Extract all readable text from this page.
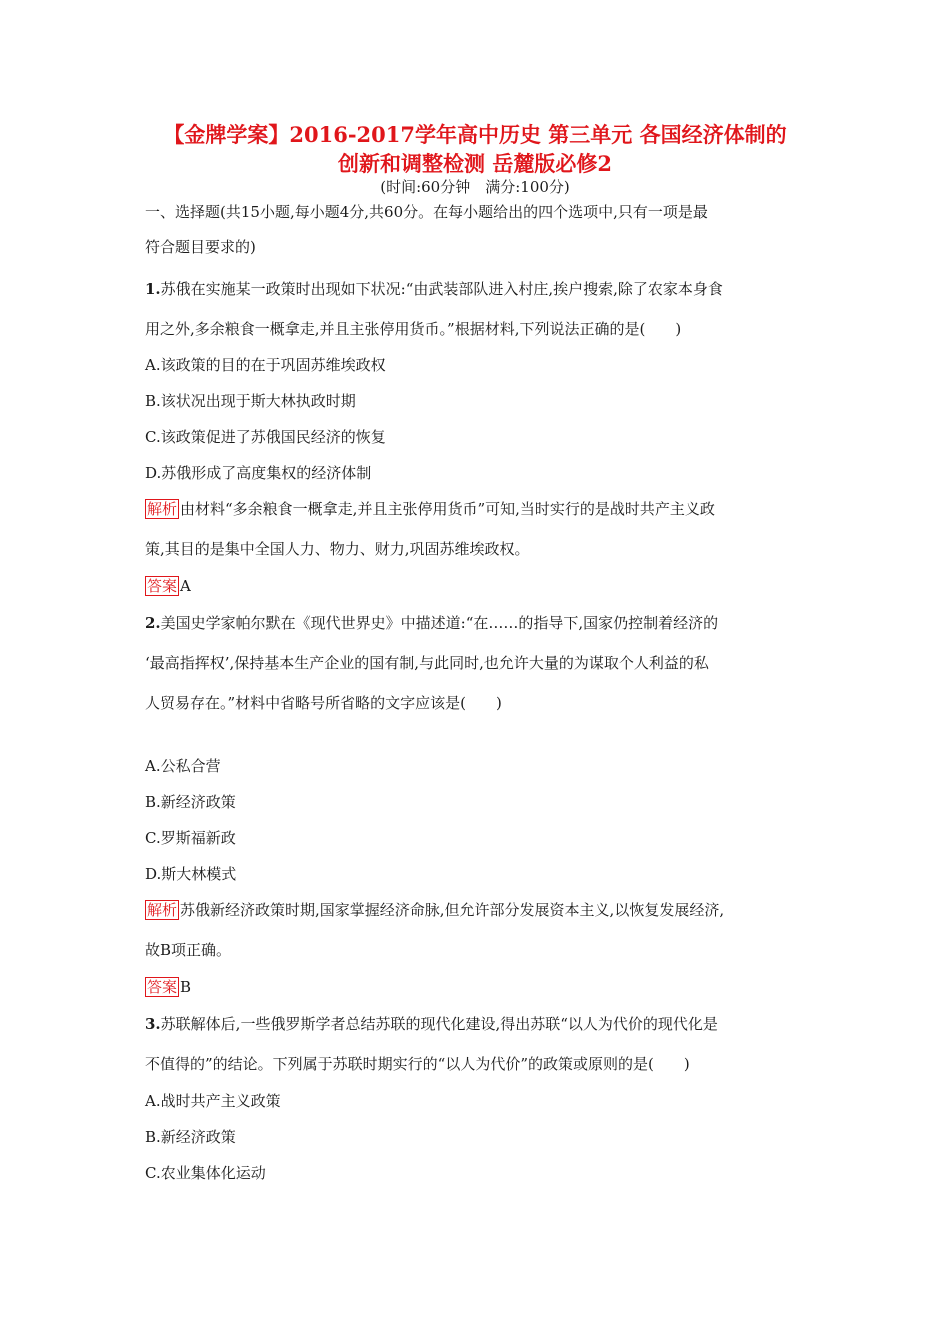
【金牌学案】2016-2017学年高中历史 第三单元 各国经济体制的
创新和调整检测 岳麓版必修2
(时间:60分钟　满分:100分)
一、选择题(共15小题,每小题4分,共60分。在每小题给出的四个选项中,只有一项是最
符合题目要求的)
1.苏俄在实施某一政策时出现如下状况:“由武装部队进入村庄,挨户搜索,除了农家本身食
用之外,多余粮食一概拿走,并且主张停用货币。”根据材料,下列说法正确的是(　　)
A.该政策的目的在于巩固苏维埃政权
B.该状况出现于斯大林执政时期
C.该政策促进了苏俄国民经济的恢复
D.苏俄形成了高度集权的经济体制
解析 由材料“多余粮食一概拿走,并且主张停用货币”可知,当时实行的是战时共产主义政
策,其目的是集中全国人力、物力、财力,巩固苏维埃政权。
答案 A
2.美国史学家帕尔默在《现代世界史》中描述道:“在……的指导下,国家仍控制着经济的
‘最高指挥权’,保持基本生产企业的国有制,与此同时,也允许大量的为谋取个人利益的私
人贸易存在。”材料中省略号所省略的文字应该是(　　)
A.公私合营
B.新经济政策
C.罗斯福新政
D.斯大林模式
解析 苏俄新经济政策时期,国家掌握经济命脉,但允许部分发展资本主义,以恢复发展经济,
故B项正确。
答案 B
3.苏联解体后,一些俄罗斯学者总结苏联的现代化建设,得出苏联“以人为代价的现代化是
不值得的”的结论。下列属于苏联时期实行的“以人为代价”的政策或原则的是(　　)
A.战时共产主义政策
B.新经济政策
C.农业集体化运动
